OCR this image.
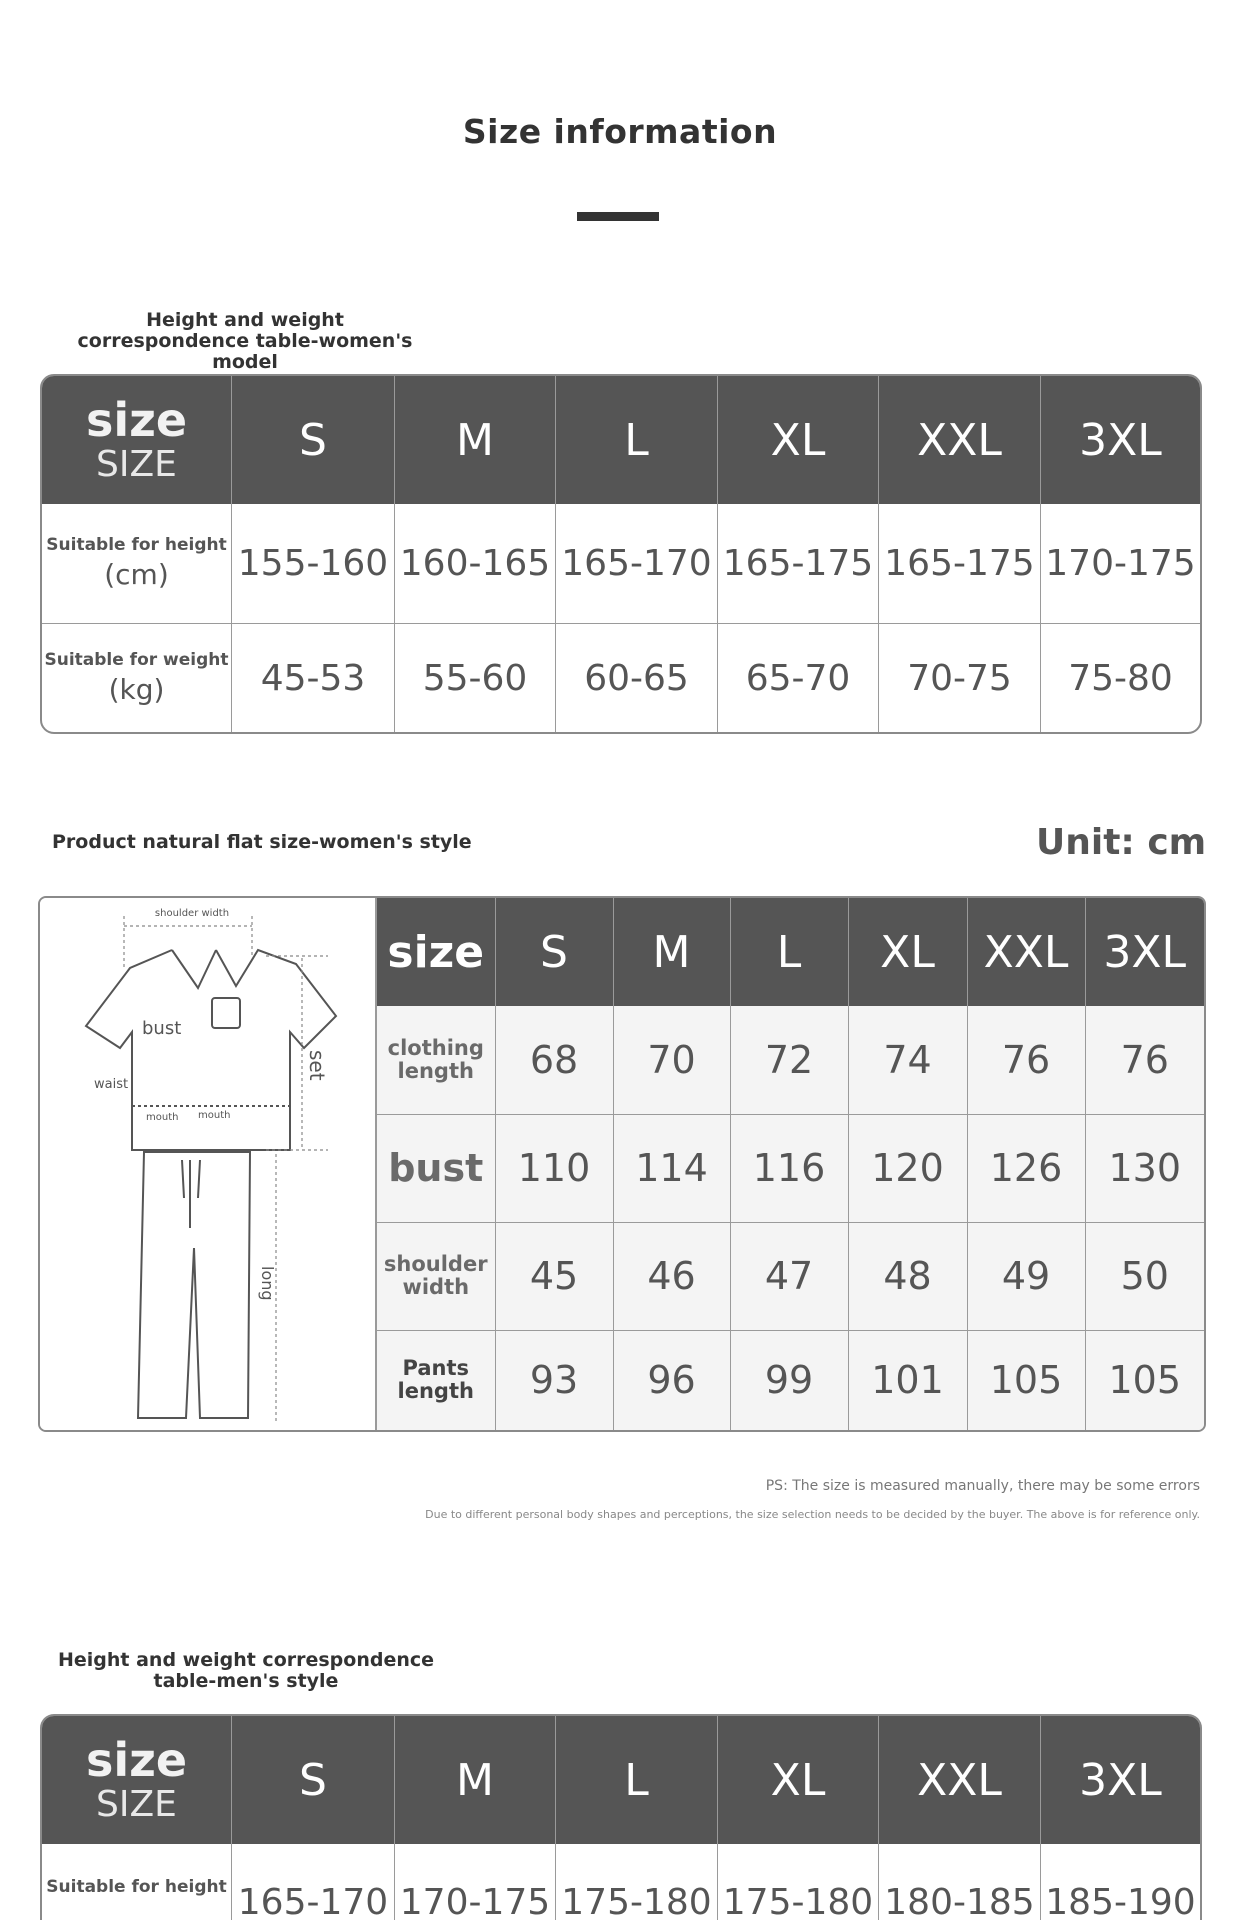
Size information
Height and weight correspondence table-women's model
size
SIZE	S	M	L	XL	XXL	3XL

Suitable for height
(cm)	155-160	160-165	165-170	165-175	165-175	170-175

Suitable for weight
(kg)	45-53	55-60	60-65	65-70	70-75	75-80
Product natural flat size-women's style	Unit: cm
shoulder width
bust
waist
mouth mouth
set
long
size	S	M	L	XL	XXL	3XL
clothing length	68	70	72	74	76	76
bust	110	114	116	120	126	130
shoulder width	45	46	47	48	49	50
Pants length	93	96	99	101	105	105
PS: The size is measured manually, there may be some errors
Due to different personal body shapes and perceptions, the size selection needs to be decided by the buyer. The above is for reference only.
Height and weight correspondence table-men's style
size
SIZE	S	M	L	XL	XXL	3XL

Suitable for height	165-170	170-175	175-180	175-180	180-185	185-190
